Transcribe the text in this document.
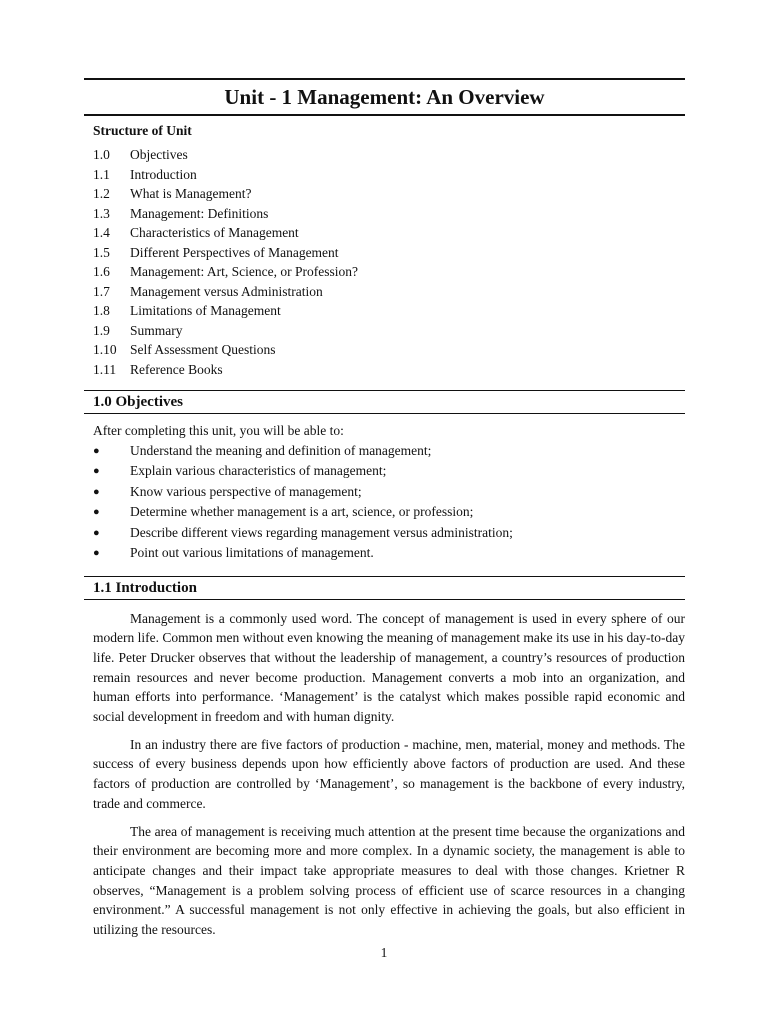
Unit - 1 Management: An Overview
Structure of Unit
1.0 Objectives
1.1 Introduction
1.2 What is Management?
1.3 Management: Definitions
1.4 Characteristics of Management
1.5 Different Perspectives of Management
1.6 Management: Art, Science, or Profession?
1.7 Management versus Administration
1.8 Limitations of Management
1.9 Summary
1.10 Self Assessment Questions
1.11 Reference Books
1.0 Objectives
After completing this unit, you will be able to:
● Understand the meaning and definition of management;
● Explain various characteristics of management;
● Know various perspective of management;
● Determine whether management is a art, science, or profession;
● Describe different views regarding management versus administration;
● Point out various limitations of management.
1.1 Introduction

Management is a commonly used word. The concept of management is used in every sphere of our modern life. Common men without even knowing the meaning of management make its use in his day-to-day life. Peter Drucker observes that without the leadership of management, a country’s resources of production remain resources and never become production. Management converts a mob into an organization, and human efforts into performance. ‘Management’ is the catalyst which makes possible rapid economic and social development in freedom and with human dignity.

In an industry there are five factors of production - machine, men, material, money and methods. The success of every business depends upon how efficiently above factors of production are used. And these factors of production are controlled by ‘Management’, so management is the backbone of every industry, trade and commerce.

The area of management is receiving much attention at the present time because the organizations and their environment are becoming more and more complex. In a dynamic society, the management is able to anticipate changes and their impact take appropriate measures to deal with those changes. Krietner R observes, “Management is a problem solving process of efficient use of scarce resources in a changing environment.” A successful management is not only effective in achieving the goals, but also efficient in utilizing the resources.

1
